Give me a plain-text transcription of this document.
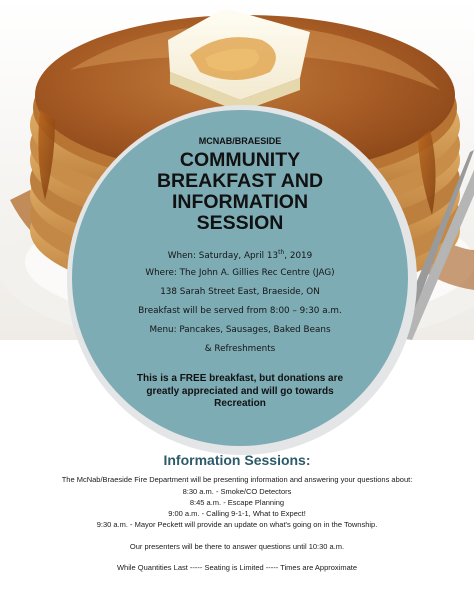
MCNAB/BRAESIDE

COMMUNITY
BREAKFAST AND
INFORMATION
SESSION

When: Saturday, April 13th, 2019

Where: The John A. Gillies Rec Centre (JAG)

138 Sarah Street East, Braeside, ON

Breakfast will be served from 8:00 – 9:30 a.m.

Menu: Pancakes, Sausages, Baked Beans

& Refreshments

This is a FREE breakfast, but donations are greatly appreciated and will go towards Recreation

Information Sessions:

The McNab/Braeside Fire Department will be presenting information and answering your questions about:

8:30 a.m. - Smoke/CO Detectors

8:45 a.m. - Escape Planning

9:00 a.m. - Calling 9-1-1, What to Expect!

9:30 a.m. - Mayor Peckett will provide an update on what's going on in the Township.

Our presenters will be there to answer questions until 10:30 a.m.

While Quantities Last ----- Seating is Limited ----- Times are Approximate
